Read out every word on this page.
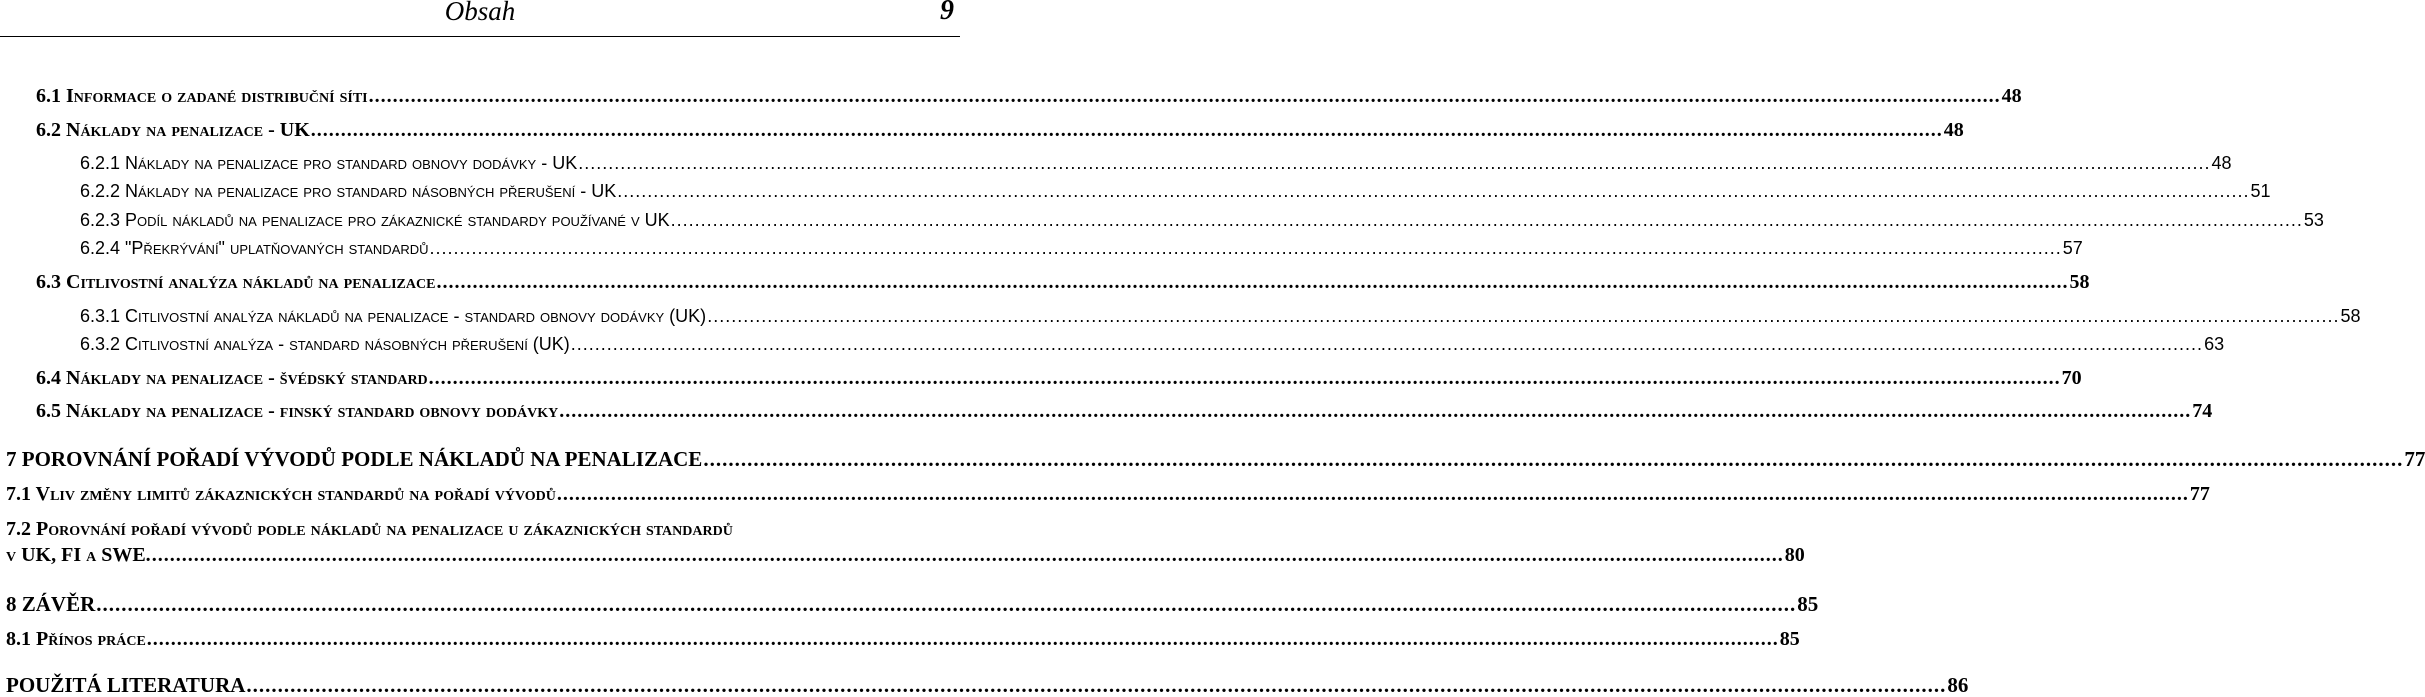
Obsah	9
6.1 Informace o zadané distribuční síti .....	48
6.2 Náklady na penalizace - UK .....	48
6.2.1 Náklady na penalizace pro standard obnovy dodávky - UK .....	48
6.2.2 Náklady na penalizace pro standard násobných přerušení - UK .....	51
6.2.3 Podíl nákladů na penalizace pro zákaznické standardy používané v UK .....	53
6.2.4 "Překrývání" uplatňovaných standardů .....	57
6.3 Citlivostní analýza nákladů na penalizace .....	58
6.3.1 Citlivostní analýza nákladů na penalizace - standard obnovy dodávky (UK) .....	58
6.3.2 Citlivostní analýza - standard násobných přerušení (UK) .....	63
6.4 Náklady na penalizace - švédský standard .....	70
6.5 Náklady na penalizace - finský standard obnovy dodávky .....	74
7 POROVNÁNÍ POŘADÍ VÝVODŮ PODLE NÁKLADŮ NA PENALIZACE .....	77
7.1 Vliv změny limitů zákaznických standardů na pořadí vývodů .....	77
7.2 Porovnání pořadí vývodů podle nákladů na penalizace u zákaznických standardů
v UK, FI a SWE. .....	80
8 ZÁVĚR .....	85
8.1 Přínos práce .....	85
POUŽITÁ LITERATURA .....	86
